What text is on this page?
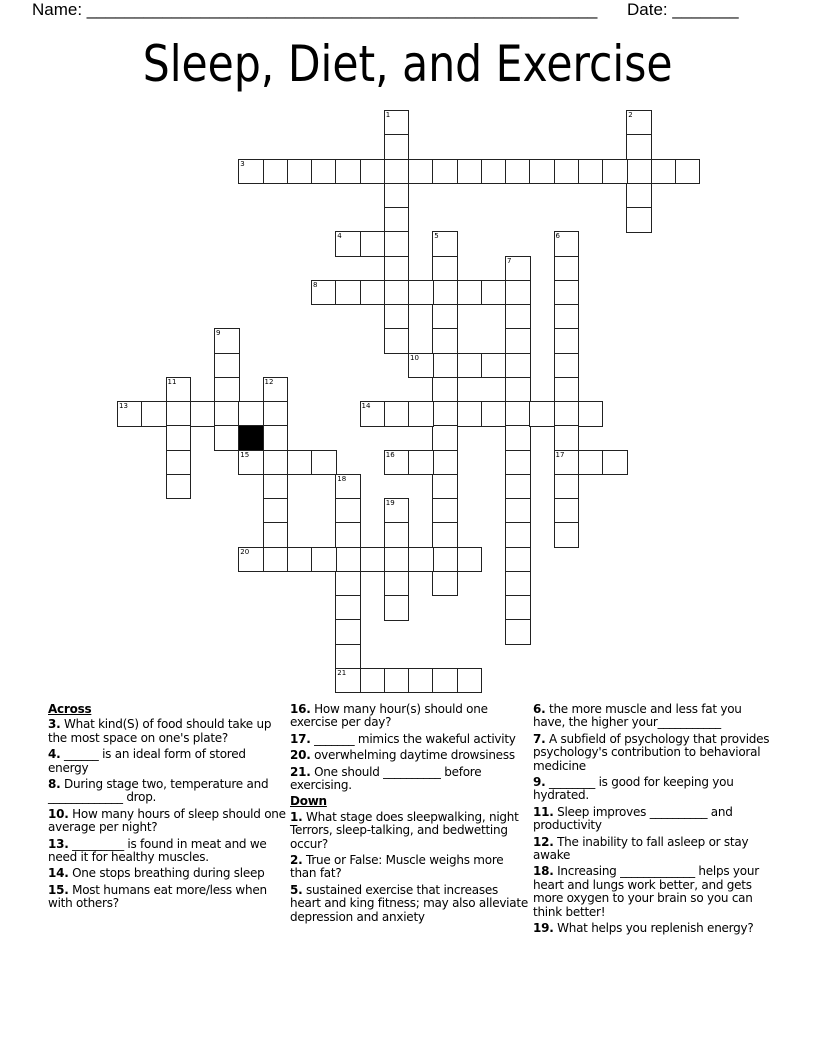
Name: ______________________________________________________ Date: _______
Sleep, Diet, and Exercise
1	2
3
4	5	6
17
7
8
9
10
11	12
13	14
15	16
18
21
19
20
Across
3. What kind(S) of food should take up the most space on one's plate?
4. ______ is an ideal form of stored energy
8. During stage two, temperature and _____________ drop.
10. How many hours of sleep should one average per night?
13. _________ is found in meat and we need it for healthy muscles.
14. One stops breathing during sleep
15. Most humans eat more/less when with others?
16. How many hour(s) should one exercise per day?
17. _______ mimics the wakeful activity
20. overwhelming daytime drowsiness
21. One should __________ before exercising.
Down
1. What stage does sleepwalking, night Terrors, sleep-talking, and bedwetting occur?
2. True or False: Muscle weighs more than fat?
5. sustained exercise that increases heart and king fitness; may also alleviate depression and anxiety
6. the more muscle and less fat you have, the higher your___________
7. A subfield of psychology that provides psychology's contribution to behavioral medicine
9. ________ is good for keeping you hydrated.
11. Sleep improves __________ and productivity
12. The inability to fall asleep or stay awake
18. Increasing _____________ helps your heart and lungs work better, and gets more oxygen to your brain so you can think better!
19. What helps you replenish energy?
